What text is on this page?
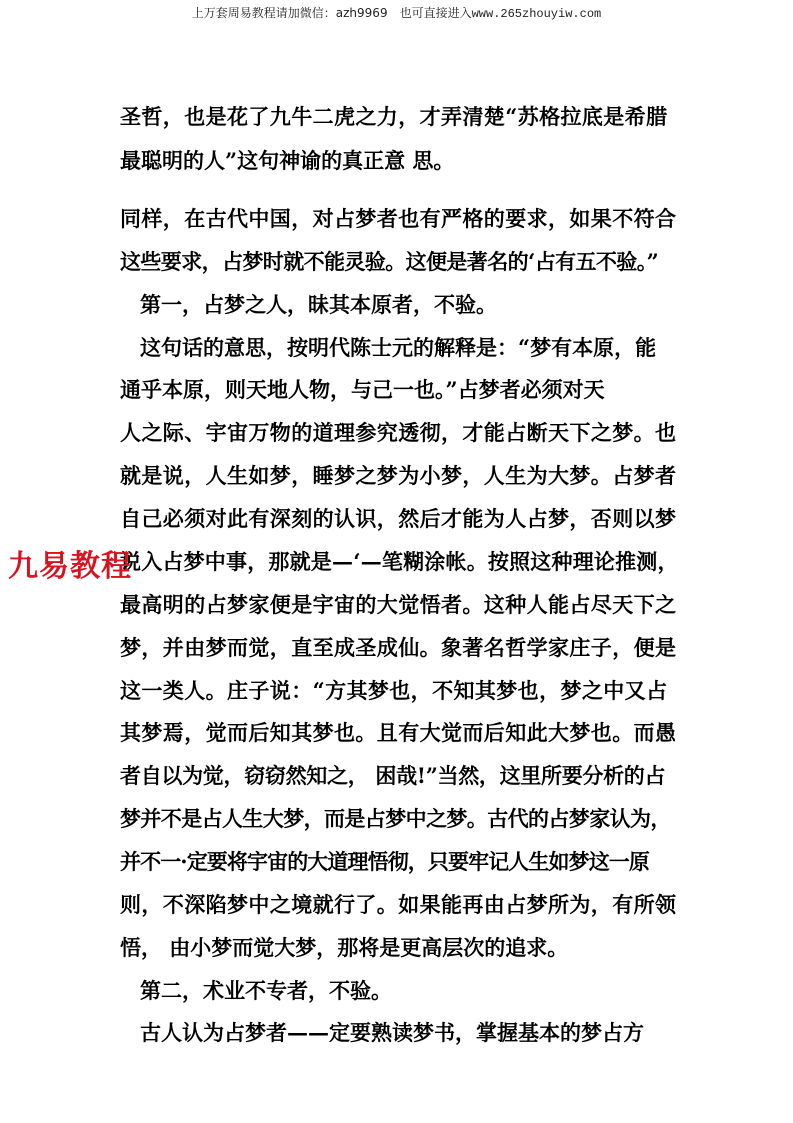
上万套周易教程请加微信：azh9969　也可直接进入www.265zhouyiw.com
圣哲，也是花了九牛二虎之力，才弄清楚“苏格拉底是希腊
最聪明的人”这句神谕的真正意 思。
同样，在古代中国，对占梦者也有严格的要求，如果不符合
这些要求，占梦时就不能灵验。这便是著名的‘占有五不验。”
第一，占梦之人，昧其本原者，不验。
这句话的意思，按明代陈士元的解释是：“梦有本原，能
通乎本原，则天地人物，与己一也。”占梦者必须对天
人之际、宇宙万物的道理参究透彻，才能占断天下之梦。也
就是说，人生如梦，睡梦之梦为小梦，人生为大梦。占梦者
自己必须对此有深刻的认识，然后才能为人占梦，否则以梦
说入占梦中事，那就是—‘—笔糊涂帐。按照这种理论推测，
最高明的占梦家便是宇宙的大觉悟者。这种人能占尽天下之
梦，并由梦而觉，直至成圣成仙。象著名哲学家庄子，便是
这一类人。庄子说：“方其梦也，不知其梦也，梦之中又占
其梦焉，觉而后知其梦也。且有大觉而后知此大梦也。而愚
者自以为觉，窃窃然知之， 困哉!”当然，这里所要分析的占
梦并不是占人生大梦，而是占梦中之梦。古代的占梦家认为，
并不一·定要将宇宙的大道理悟彻，只要牢记人生如梦这一原
则，不深陷梦中之境就行了。如果能再由占梦所为，有所领
悟， 由小梦而觉大梦，那将是更高层次的追求。
第二，术业不专者，不验。
古人认为占梦者——定要熟读梦书，掌握基本的梦占方
九易教程
